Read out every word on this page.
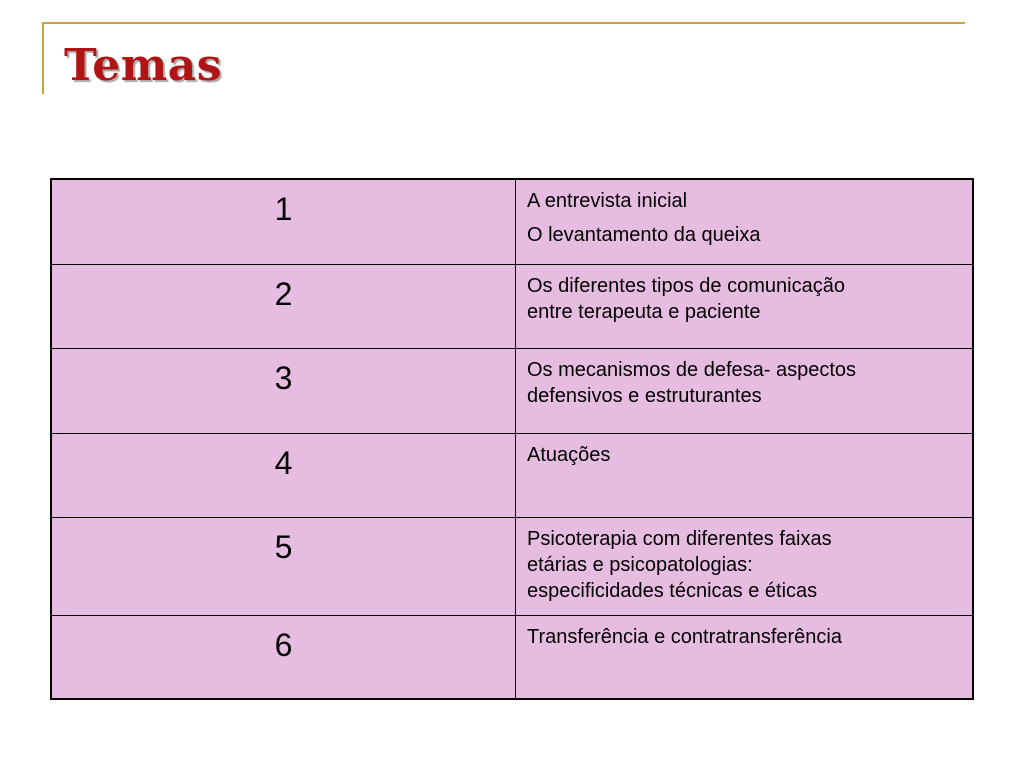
Temas
1	A entrevista inicial
O levantamento da queixa

2	Os diferentes tipos de comunicação
entre terapeuta e paciente

3	Os mecanismos de defesa- aspectos
defensivos e estruturantes

4	Atuações

5	Psicoterapia com diferentes faixas
etárias e psicopatologias:
especificidades técnicas e éticas

6	Transferência e contratransferência
